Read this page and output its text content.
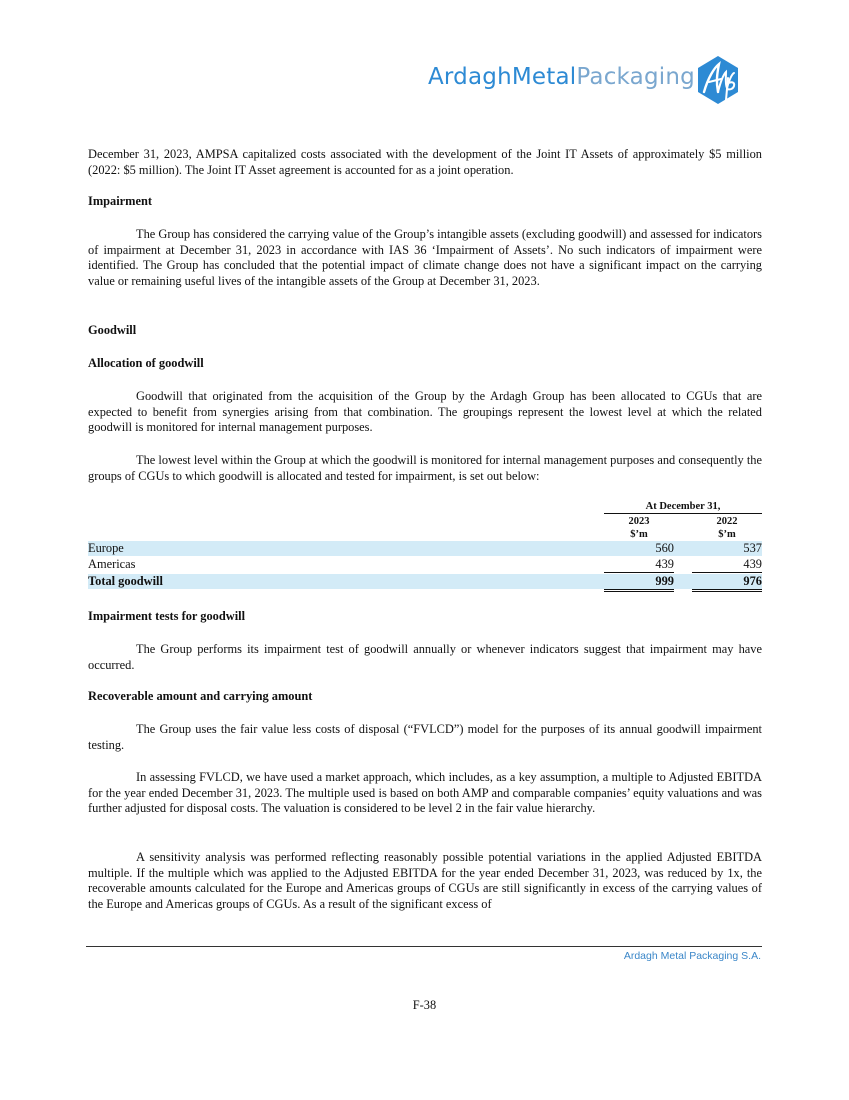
ArdaghMetalPackaging

December 31, 2023, AMPSA capitalized costs associated with the development of the Joint IT Assets of approximately $5 million (2022: $5 million). The Joint IT Asset agreement is accounted for as a joint operation.

Impairment

The Group has considered the carrying value of the Group’s intangible assets (excluding goodwill) and assessed for indicators of impairment at December 31, 2023 in accordance with IAS 36 ‘Impairment of Assets’. No such indicators of impairment were identified. The Group has concluded that the potential impact of climate change does not have a significant impact on the carrying value or remaining useful lives of the intangible assets of the Group at December 31, 2023.

Goodwill

Allocation of goodwill

Goodwill that originated from the acquisition of the Group by the Ardagh Group has been allocated to CGUs that are expected to benefit from synergies arising from that combination. The groupings represent the lowest level at which the related goodwill is monitored for internal management purposes.

The lowest level within the Group at which the goodwill is monitored for internal management purposes and consequently the groups of CGUs to which goodwill is allocated and tested for impairment, is set out below:

At December 31,
2023	2022
$’m	$’m
Europe	560	537
Americas	439	439
Total goodwill	999	976

Impairment tests for goodwill

The Group performs its impairment test of goodwill annually or whenever indicators suggest that impairment may have occurred.

Recoverable amount and carrying amount

The Group uses the fair value less costs of disposal (“FVLCD”) model for the purposes of its annual goodwill impairment testing.

In assessing FVLCD, we have used a market approach, which includes, as a key assumption, a multiple to Adjusted EBITDA for the year ended December 31, 2023. The multiple used is based on both AMP and comparable companies’ equity valuations and was further adjusted for disposal costs. The valuation is considered to be level 2 in the fair value hierarchy.

A sensitivity analysis was performed reflecting reasonably possible potential variations in the applied Adjusted EBITDA multiple. If the multiple which was applied to the Adjusted EBITDA for the year ended December 31, 2023, was reduced by 1x, the recoverable amounts calculated for the Europe and Americas groups of CGUs are still significantly in excess of the carrying values of the Europe and Americas groups of CGUs. As a result of the significant excess of

Ardagh Metal Packaging S.A.
F-38
